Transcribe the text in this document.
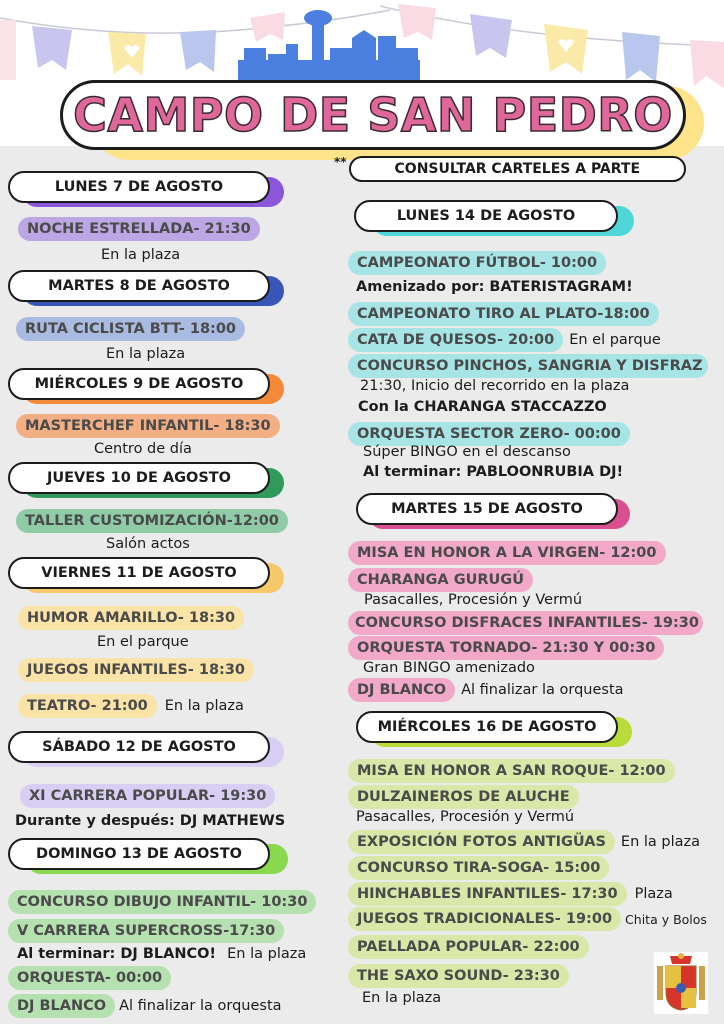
CAMPO DE SAN PEDRO
**	CONSULTAR CARTELES A PARTE
LUNES 7 DE AGOSTO
NOCHE ESTRELLADA- 21:30
En la plaza
MARTES 8 DE AGOSTO
RUTA CICLISTA BTT- 18:00
En la plaza
MIÉRCOLES 9 DE AGOSTO
MASTERCHEF INFANTIL- 18:30
Centro de día
JUEVES 10 DE AGOSTO
TALLER CUSTOMIZACIÓN-12:00
Salón actos
VIERNES 11 DE AGOSTO
HUMOR AMARILLO- 18:30
En el parque
JUEGOS INFANTILES- 18:30
TEATRO- 21:00	En la plaza
SÁBADO 12 DE AGOSTO
XI CARRERA POPULAR- 19:30
Durante y después: DJ MATHEWS
DOMINGO 13 DE AGOSTO
CONCURSO DIBUJO INFANTIL- 10:30
V CARRERA SUPERCROSS-17:30
Al terminar: DJ BLANCO! En la plaza
ORQUESTA- 00:00
DJ BLANCO Al finalizar la orquesta
LUNES 14 DE AGOSTO
CAMPEONATO FÚTBOL- 10:00
Amenizado por: BATERISTAGRAM!
CAMPEONATO TIRO AL PLATO-18:00
CATA DE QUESOS- 20:00	En el parque
CONCURSO PINCHOS, SANGRIA Y DISFRAZ
21:30, Inicio del recorrido en la plaza
Con la CHARANGA STACCAZZO
ORQUESTA SECTOR ZERO- 00:00
Súper BINGO en el descanso
Al terminar: PABLOONRUBIA DJ!
MARTES 15 DE AGOSTO
MISA EN HONOR A LA VIRGEN- 12:00
CHARANGA GURUGÚ
Pasacalles, Procesión y Vermú
CONCURSO DISFRACES INFANTILES- 19:30
ORQUESTA TORNADO- 21:30 Y 00:30
Gran BINGO amenizado
DJ BLANCO	Al finalizar la orquesta
MIÉRCOLES 16 DE AGOSTO
MISA EN HONOR A SAN ROQUE- 12:00
DULZAINEROS DE ALUCHE
Pasacalles, Procesión y Vermú
EXPOSICIÓN FOTOS ANTIGÜAS	En la plaza
CONCURSO TIRA-SOGA- 15:00
HINCHABLES INFANTILES- 17:30	Plaza
JUEGOS TRADICIONALES- 19:00	Chita y Bolos
PAELLADA POPULAR- 22:00
THE SAXO SOUND- 23:30
En la plaza
